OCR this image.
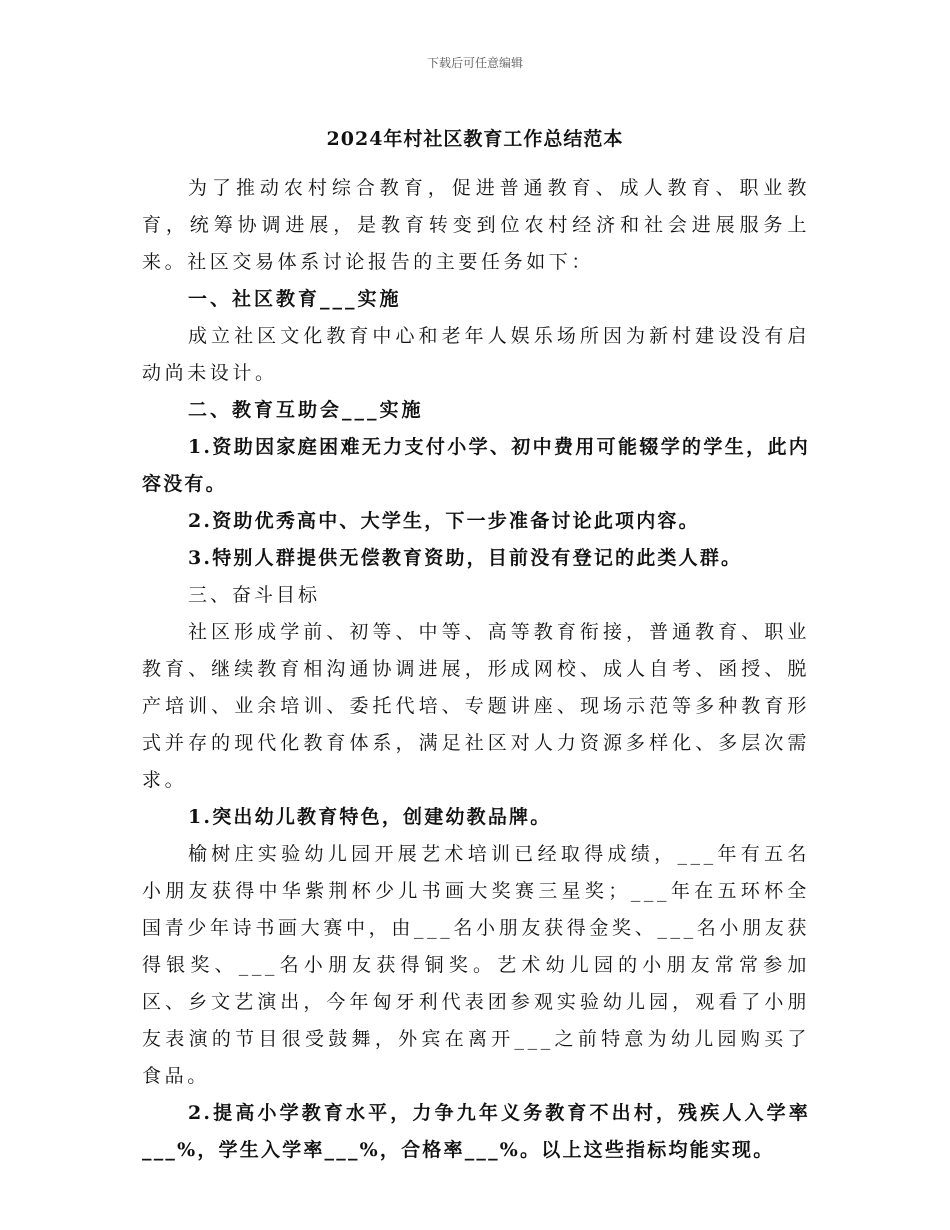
下载后可任意编辑
2024年村社区教育工作总结范本

为了推动农村综合教育，促进普通教育、成人教育、职业教育，统筹协调进展，是教育转变到位农村经济和社会进展服务上来。社区交易体系讨论报告的主要任务如下：

一、社区教育___实施

成立社区文化教育中心和老年人娱乐场所因为新村建设没有启动尚未设计。

二、教育互助会___实施

1.资助因家庭困难无力支付小学、初中费用可能辍学的学生，此内容没有。

2.资助优秀高中、大学生，下一步准备讨论此项内容。

3.特别人群提供无偿教育资助，目前没有登记的此类人群。

三、奋斗目标

社区形成学前、初等、中等、高等教育衔接，普通教育、职业教育、继续教育相沟通协调进展，形成网校、成人自考、函授、脱产培训、业余培训、委托代培、专题讲座、现场示范等多种教育形式并存的现代化教育体系，满足社区对人力资源多样化、多层次需求。

1.突出幼儿教育特色，创建幼教品牌。

榆树庄实验幼儿园开展艺术培训已经取得成绩，___年有五名小朋友获得中华紫荆杯少儿书画大奖赛三星奖；___年在五环杯全国青少年诗书画大赛中，由___名小朋友获得金奖、___名小朋友获得银奖、___名小朋友获得铜奖。艺术幼儿园的小朋友常常参加区、乡文艺演出，今年匈牙利代表团参观实验幼儿园，观看了小朋友表演的节目很受鼓舞，外宾在离开___之前特意为幼儿园购买了食品。

2.提高小学教育水平，力争九年义务教育不出村，残疾人入学率___%，学生入学率___%，合格率___%。以上这些指标均能实现。
